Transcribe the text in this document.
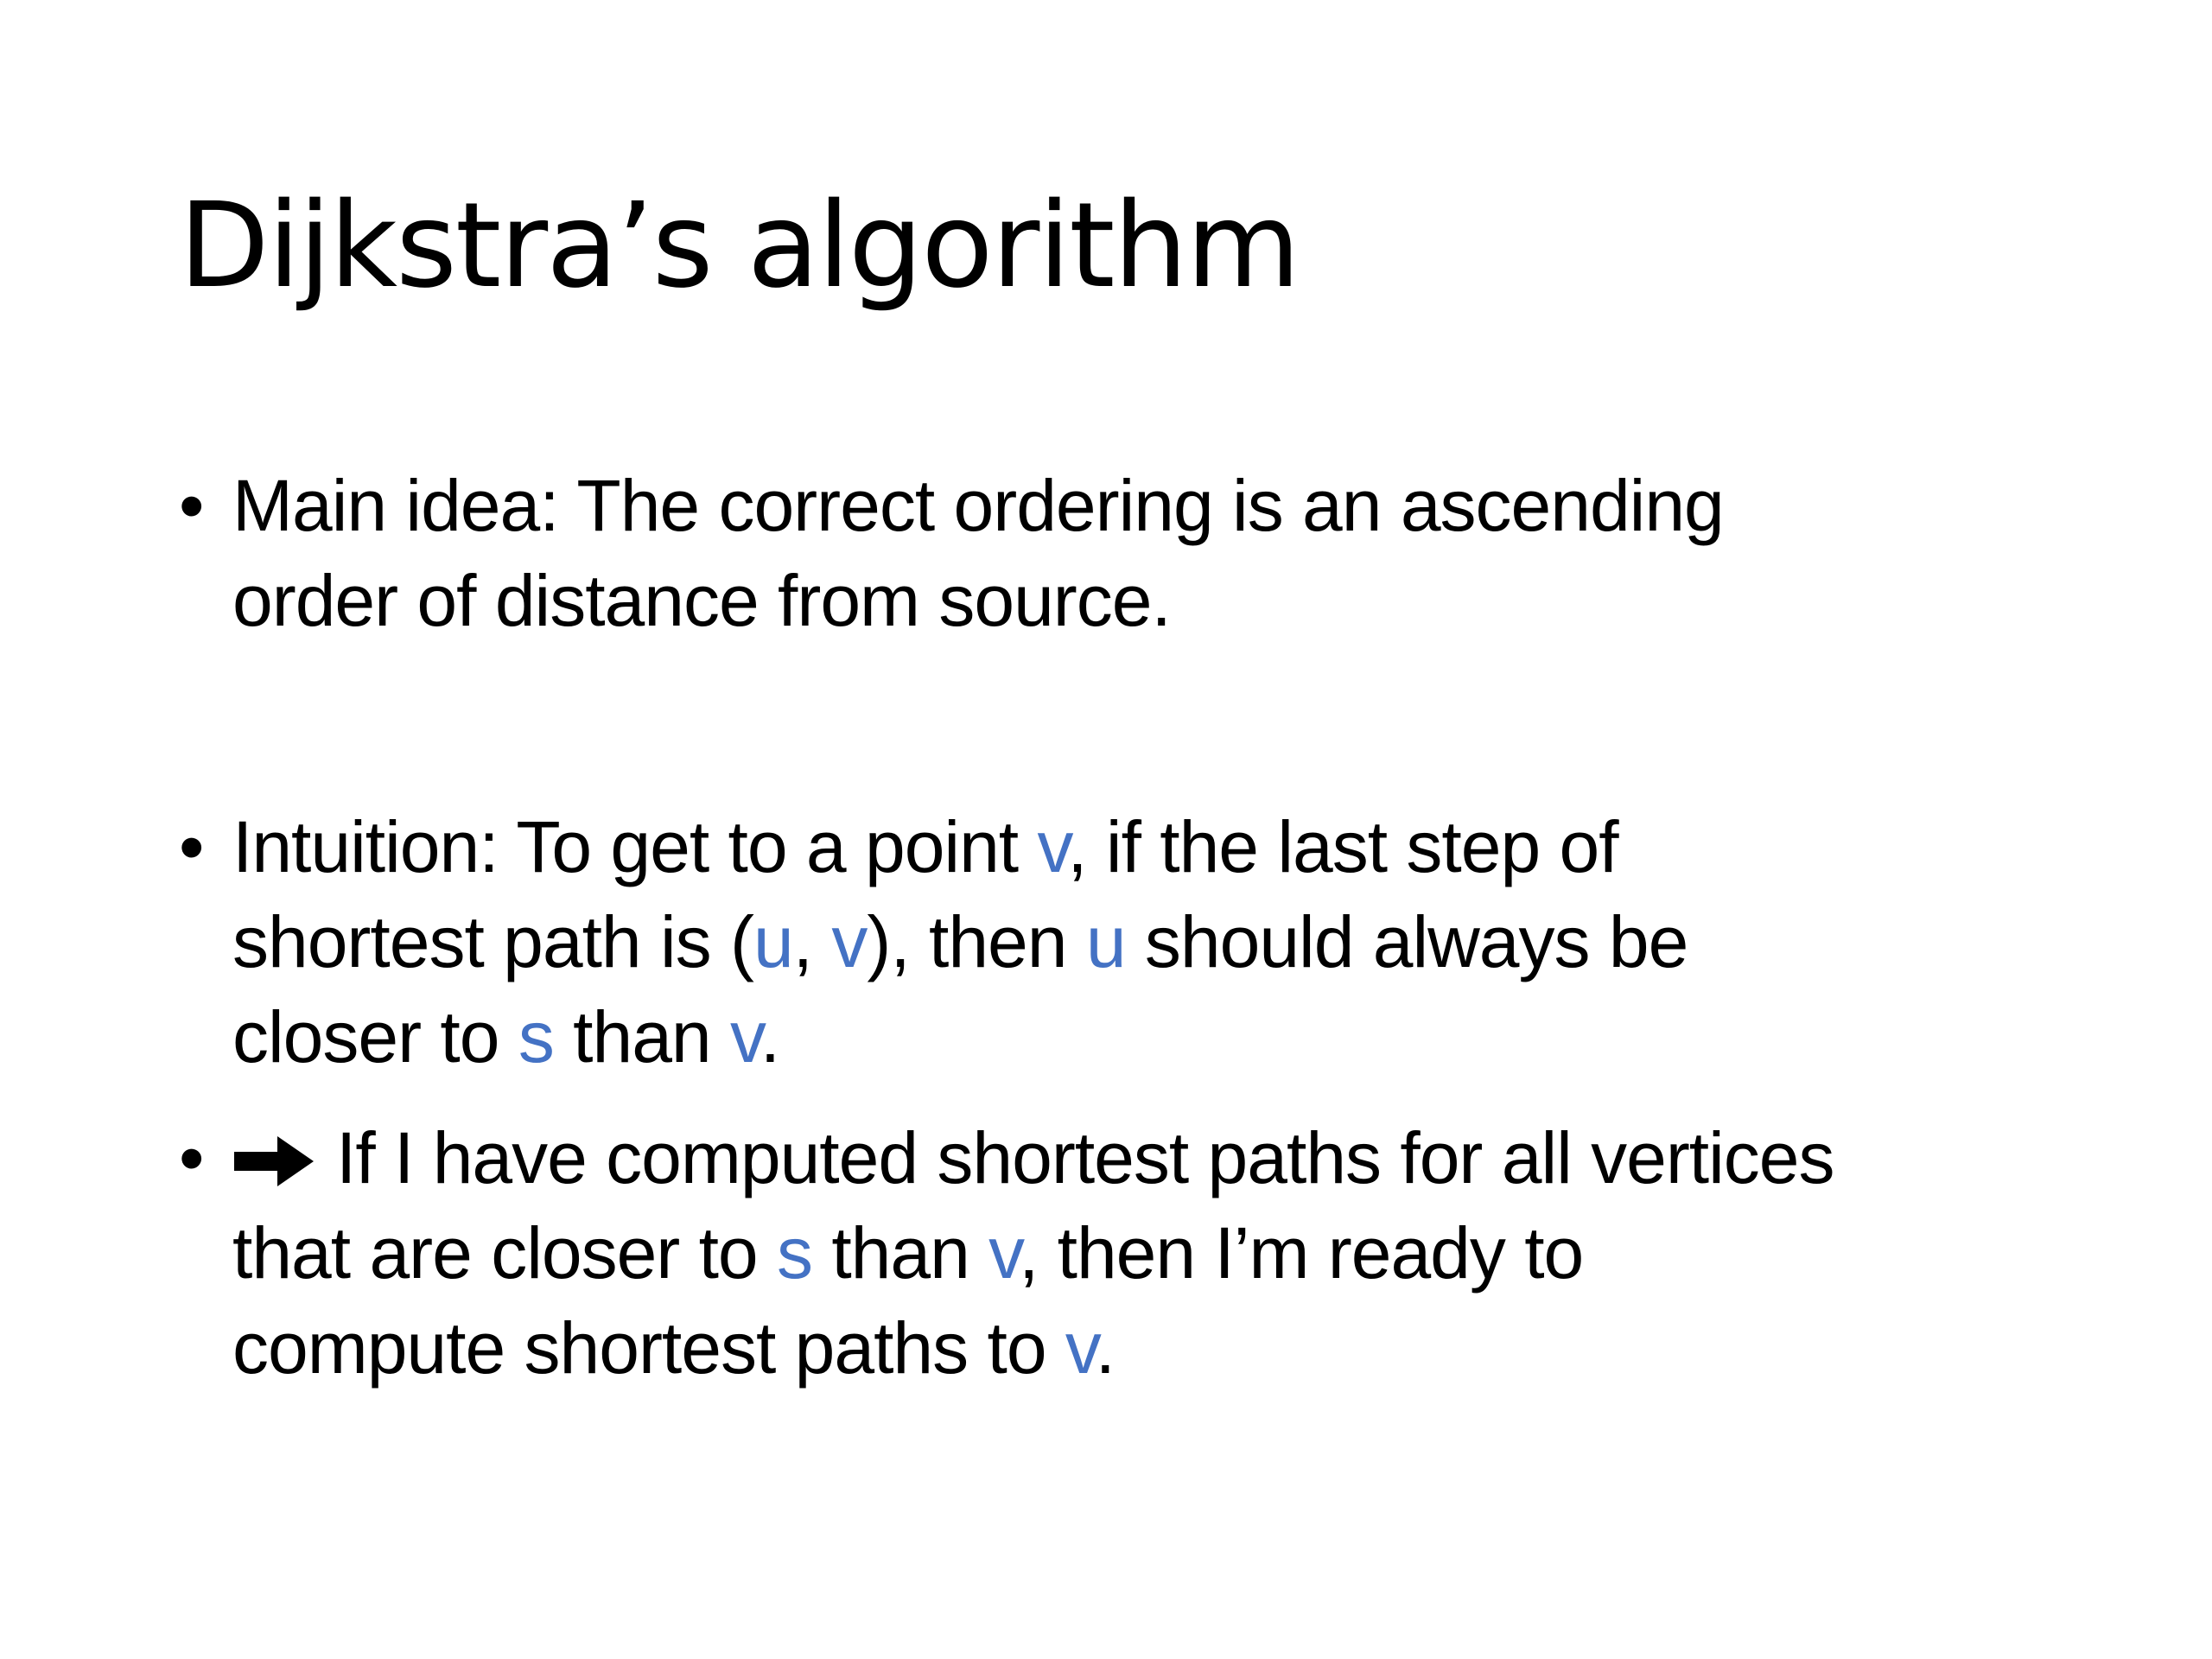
Dijkstra’s algorithm
• Main idea: The correct ordering is an ascending
order of distance from source.
• Intuition: To get to a point v, if the last step of
shortest path is (u, v), then u should always be
closer to s than v.
•	If I have computed shortest paths for all vertices
that are closer to s than v, then I’m ready to
compute shortest paths to v.
